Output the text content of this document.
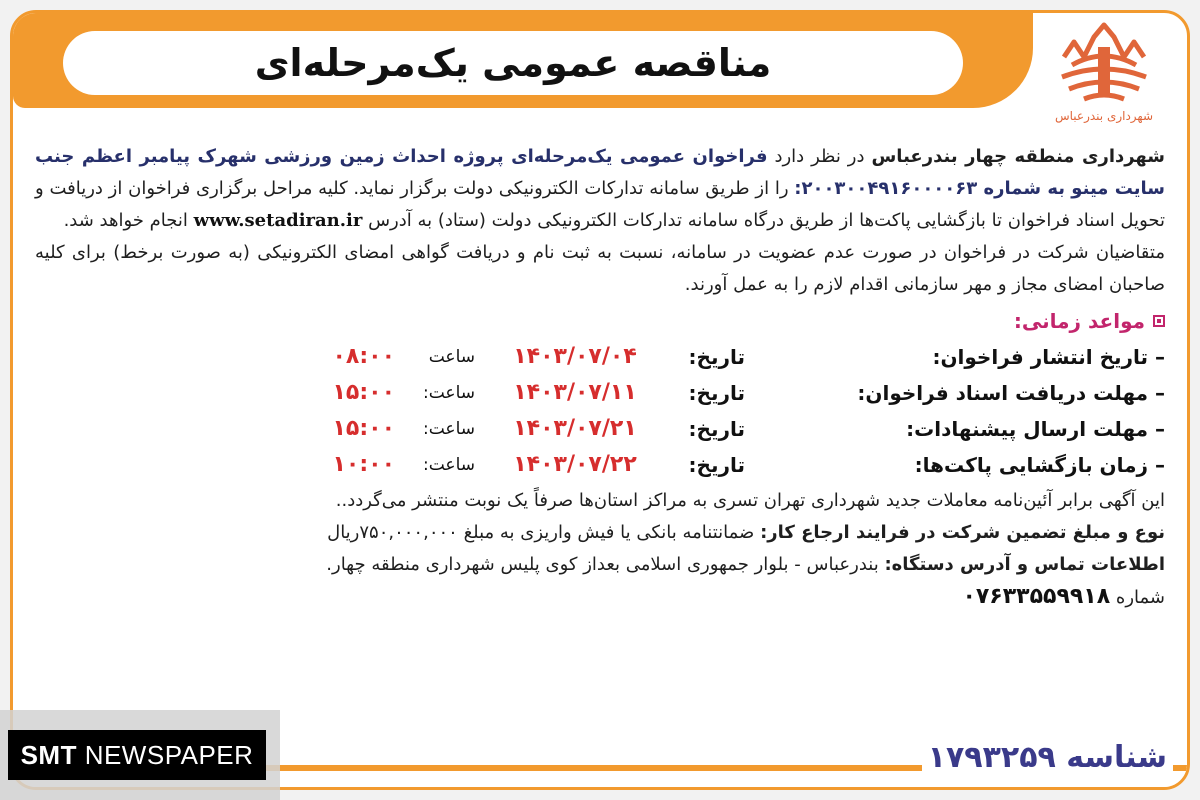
مناقصه عمومی یک‌مرحله‌ای
شهرداری بندرعباس

شهرداری منطقه چهار بندرعباس در نظر دارد فراخوان عمومی یک‌مرحله‌ای پروژه احداث زمین ورزشی شهرک پیامبر اعظم جنب سایت مینو به شماره ۲۰۰۳۰۰۴۹۱۶۰۰۰۰۶۳: را از طریق سامانه تدارکات الکترونیکی دولت برگزار نماید. کلیه مراحل برگزاری فراخوان از دریافت و تحویل اسناد فراخوان تا بازگشایی پاکت‌ها از طریق درگاه سامانه تدارکات الکترونیکی دولت (ستاد) به آدرس www.setadiran.ir انجام خواهد شد.

متقاضیان شرکت در فراخوان در صورت عدم عضویت در سامانه، نسبت به ثبت نام و دریافت گواهی امضای الکترونیکی (به صورت برخط) برای کلیه صاحبان امضای مجاز و مهر سازمانی اقدام لازم را به عمل آورند.

مواعد زمانی:
– تاریخ انتشار فراخوان:
تاریخ:
۱۴۰۳/۰۷/۰۴
ساعت
۰۸:۰۰
– مهلت دریافت اسناد فراخوان:
تاریخ:
۱۴۰۳/۰۷/۱۱
ساعت:
۱۵:۰۰
– مهلت ارسال پیشنهادات:
تاریخ:
۱۴۰۳/۰۷/۲۱
ساعت:
۱۵:۰۰
– زمان بازگشایی پاکت‌ها:
تاریخ:
۱۴۰۳/۰۷/۲۲
ساعت:
۱۰:۰۰

این آگهی برابر آئین‌نامه معاملات جدید شهرداری تهران تسری به مراکز استان‌ها صرفاً یک نوبت منتشر می‌گردد..

نوع و مبلغ تضمین شرکت در فرایند ارجاع کار: ضمانتنامه بانکی یا فیش واریزی به مبلغ ۷۵۰,۰۰۰,۰۰۰ریال

اطلاعات تماس و آدرس دستگاه: بندرعباس - بلوار جمهوری اسلامی بعداز کوی پلیس شهرداری منطقه چهار.

شماره ۰۷۶۳۳۵۵۹۹۱۸

شناسه ۱۷۹۳۲۵۹
SMT NEWSPAPER
